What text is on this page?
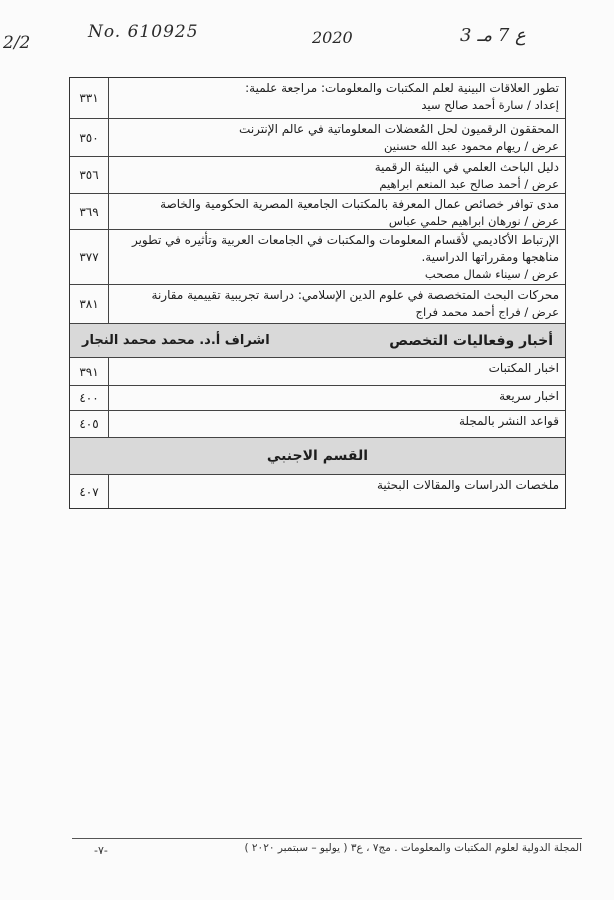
2/2
No. 610925	2020	3 ع 7 مـ
تطور العلاقات البينية لعلم المكتبات والمعلومات: مراجعة علمية:
إعداد / سارة أحمد صالح سيد
٣٣١
المحققون الرقميون لحل المُعضلات المعلوماتية في عالم الإنترنت
عرض / ريهام محمود عبد الله حسنين
٣٥٠
دليل الباحث العلمي في البيئة الرقمية
عرض / أحمد صالح عبد المنعم ابراهيم
٣٥٦
مدى توافر خصائص عمال المعرفة بالمكتبات الجامعية المصرية الحكومية والخاصة
عرض / نورهان ابراهيم حلمي عباس
٣٦٩
الإرتباط الأكاديمي لأقسام المعلومات والمكتبات في الجامعات العربية وتأثيره في تطوير مناهجها ومقرراتها الدراسية.
عرض / سيناء شمال مصحب
٣٧٧
محركات البحث المتخصصة في علوم الدين الإسلامي: دراسة تجريبية تقييمية مقارنة
عرض / فراج أحمد محمد فراج
٣٨١
أخبار وفعاليات التخصص
اشراف أ.د. محمد محمد النجار
اخبار المكتبات
٣٩١
اخبار سريعة
٤٠٠
قواعد النشر بالمجلة
٤٠٥
القسم الاجنبي
ملخصات الدراسات والمقالات البحثية
٤٠٧
المجلة الدولية لعلوم المكتبات والمعلومات . مج٧ ، ع٣ ( يوليو – سبتمبر ٢٠٢٠ )
-٧-
